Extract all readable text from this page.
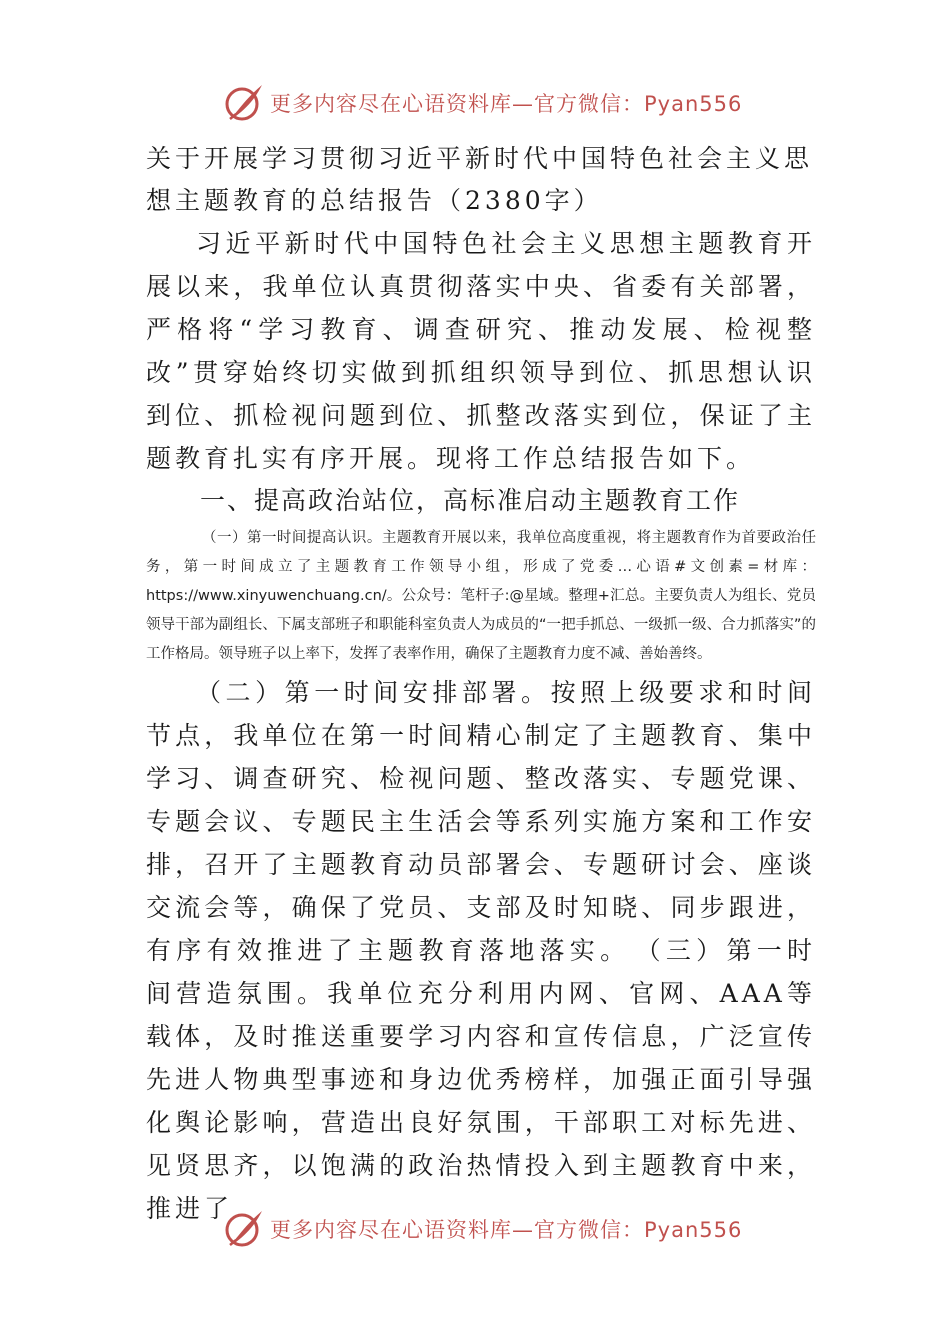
更多内容尽在心语资料库—官方微信：Pyan556

关于开展学习贯彻习近平新时代中国特色社会主义思想主题教育的总结报告（2380字）

习近平新时代中国特色社会主义思想主题教育开展以来，我单位认真贯彻落实中央、省委有关部署，严格将“学习教育、调查研究、推动发展、检视整改”贯穿始终切实做到抓组织领导到位、抓思想认识到位、抓检视问题到位、抓整改落实到位，保证了主题教育扎实有序开展。现将工作总结报告如下。

一、提高政治站位，高标准启动主题教育工作

（一）第一时间提高认识。主题教育开展以来，我单位高度重视，将主题教育作为首要政治任务，第一时间成立了主题教育工作领导小组，形成了党委…心语#文创素=材库：https://www.xinyuwenchuang.cn/。公众号：笔杆子:@星域。整理+汇总。主要负责人为组长、党员领导干部为副组长、下属支部班子和职能科室负责人为成员的“一把手抓总、一级抓一级、合力抓落实”的工作格局。领导班子以上率下，发挥了表率作用，确保了主题教育力度不减、善始善终。

（二）第一时间安排部署。按照上级要求和时间节点，我单位在第一时间精心制定了主题教育、集中学习、调查研究、检视问题、整改落实、专题党课、专题会议、专题民主生活会等系列实施方案和工作安排，召开了主题教育动员部署会、专题研讨会、座谈交流会等，确保了党员、支部及时知晓、同步跟进，有序有效推进了主题教育落地落实。　（三）第一时间营造氛围。我单位充分利用内网、官网、AAA等载体，及时推送重要学习内容和宣传信息，广泛宣传先进人物典型事迹和身边优秀榜样，加强正面引导强化舆论影响，营造出良好氛围，干部职工对标先进、见贤思齐，以饱满的政治热情投入到主题教育中来，推进了

更多内容尽在心语资料库—官方微信：Pyan556
